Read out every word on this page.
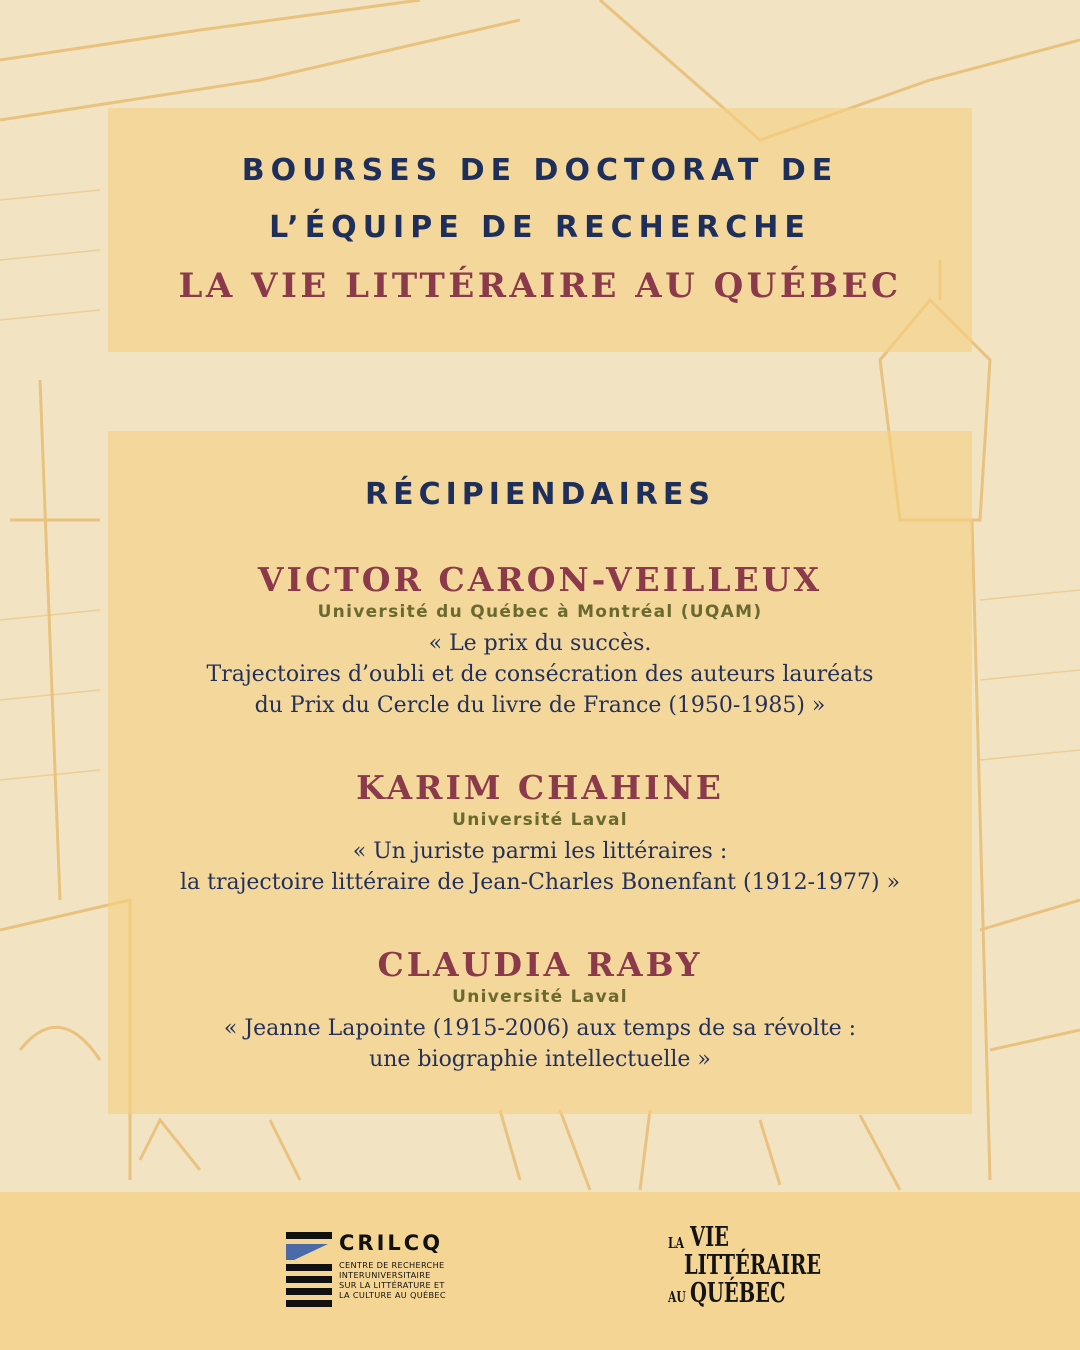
BOURSES DE DOCTORAT DE
L’ÉQUIPE DE RECHERCHE
LA VIE LITTÉRAIRE AU QUÉBEC
RÉCIPIENDAIRES
VICTOR CARON-VEILLEUX
Université du Québec à Montréal (UQAM)
« Le prix du succès.
Trajectoires d’oubli et de consécration des auteurs lauréats
du Prix du Cercle du livre de France (1950-1985) »
KARIM CHAHINE
Université Laval
« Un juriste parmi les littéraires :
la trajectoire littéraire de Jean-Charles Bonenfant (1912-1977) »
CLAUDIA RABY
Université Laval
« Jeanne Lapointe (1915-2006) aux temps de sa révolte :
une biographie intellectuelle »
CRILCQ
CENTRE DE RECHERCHE
INTERUNIVERSITAIRE
SUR LA LITTÉRATURE ET
LA CULTURE AU QUÉBEC
LA VIE
LITTÉRAIRE
AU QUÉBEC
